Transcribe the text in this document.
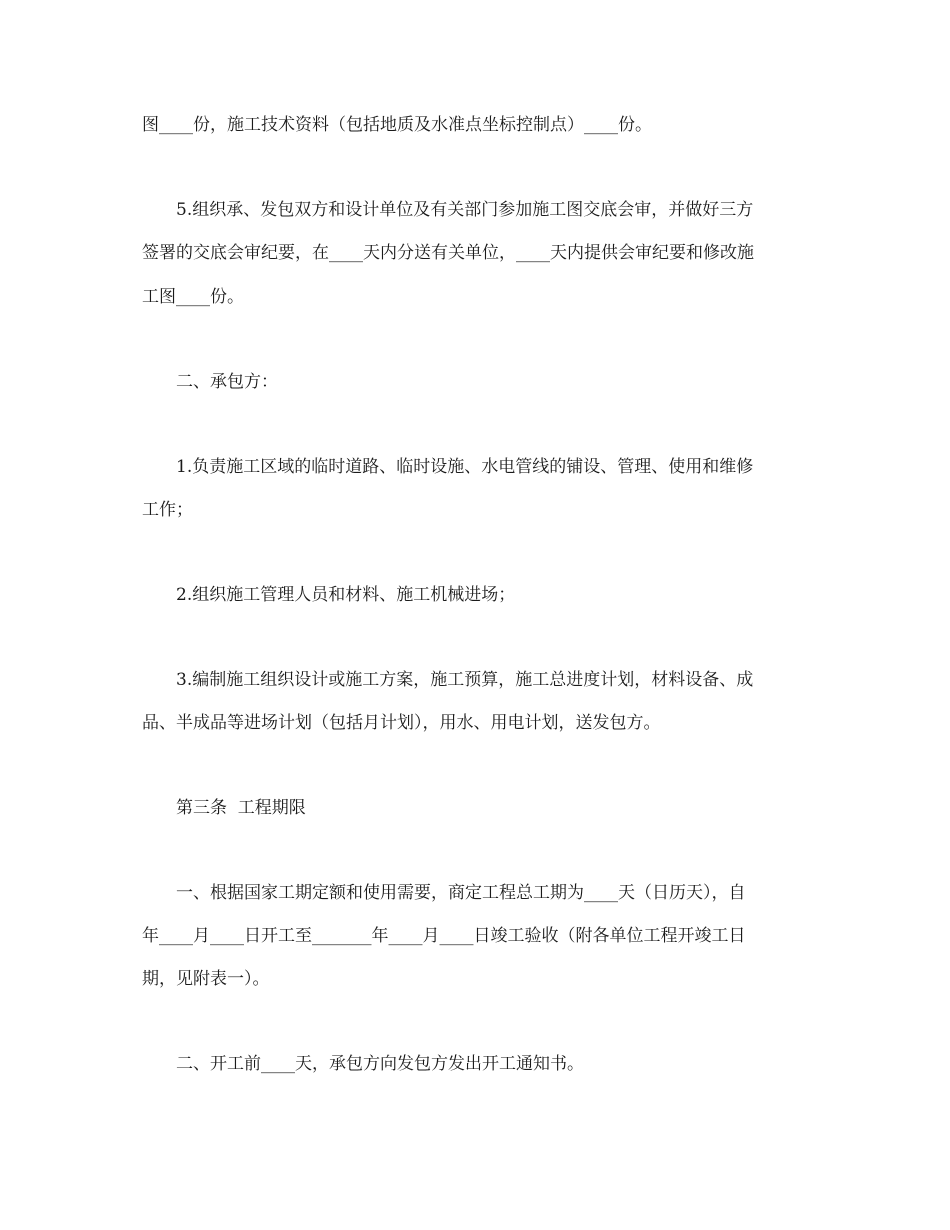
图____份，施工技术资料（包括地质及水准点坐标控制点）____份。
5.组织承、发包双方和设计单位及有关部门参加施工图交底会审，并做好三方
签署的交底会审纪要，在____天内分送有关单位，____天内提供会审纪要和修改施
工图____份。
二、承包方：
1.负责施工区域的临时道路、临时设施、水电管线的铺设、管理、使用和维修
工作；
2.组织施工管理人员和材料、施工机械进场；
3.编制施工组织设计或施工方案，施工预算，施工总进度计划，材料设备、成
品、半成品等进场计划（包括月计划），用水、用电计划，送发包方。
第三条  工程期限
一、根据国家工期定额和使用需要，商定工程总工期为____天（日历天），自
年____月____日开工至_______年____月____日竣工验收（附各单位工程开竣工日
期，见附表一）。
二、开工前____天，承包方向发包方发出开工通知书。
